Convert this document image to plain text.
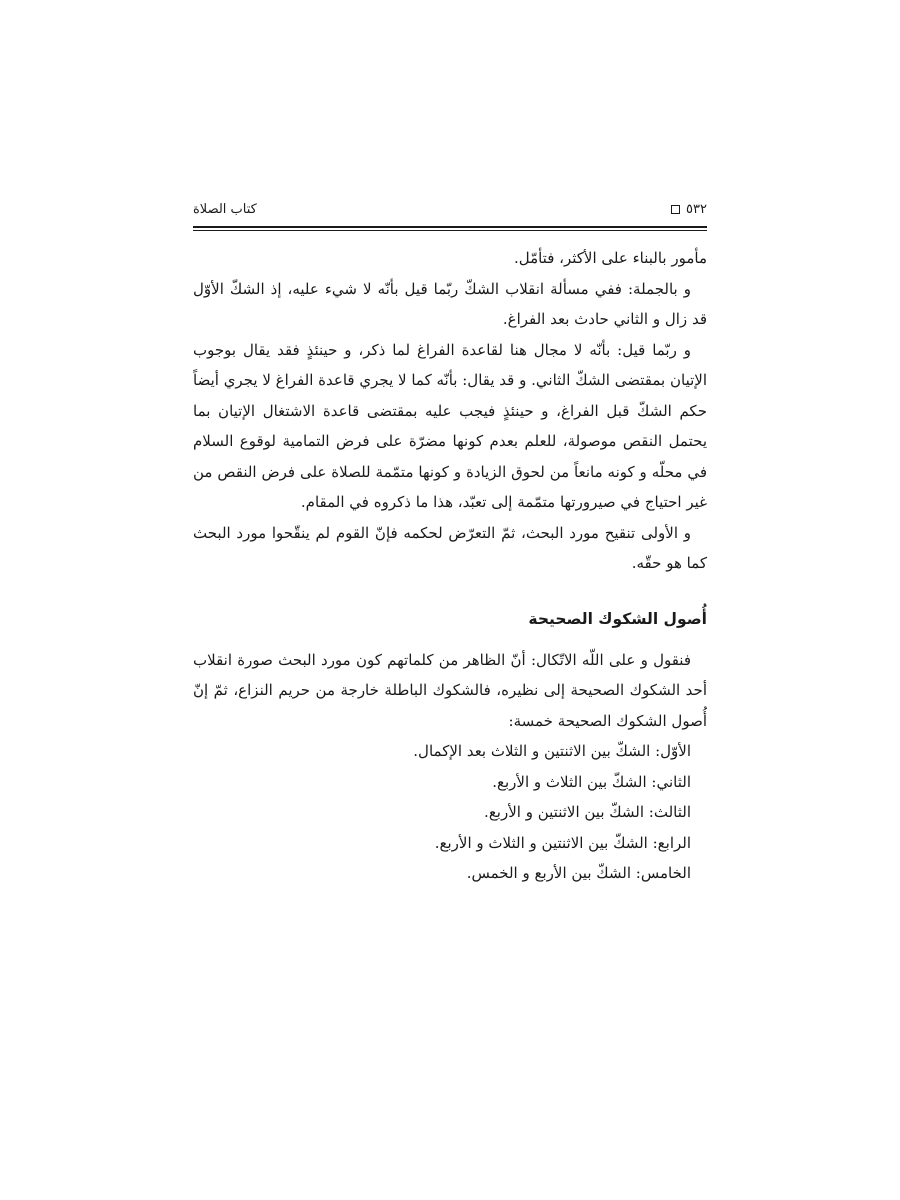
٥٣٢
كتاب الصلاة

مأمور بالبناء على الأكثر، فتأمّل.

و بالجملة: ففي مسألة انقلاب الشكّ ربّما قيل بأنّه لا شيء عليه، إذ الشكّ الأوّل قد زال و الثاني حادث بعد الفراغ.

و ربّما قيل: بأنّه لا مجال هنا لقاعدة الفراغ لما ذكر، و حينئذٍ فقد يقال بوجوب الإتيان بمقتضى الشكّ الثاني. و قد يقال: بأنّه كما لا يجري قاعدة الفراغ لا يجري أيضاً حكم الشكّ قبل الفراغ، و حينئذٍ فيجب عليه بمقتضى قاعدة الاشتغال الإتيان بما يحتمل النقص موصولة، للعلم بعدم كونها مضرّة على فرض التمامية لوقوع السلام في محلّه و كونه مانعاً من لحوق الزيادة و كونها متمّمة للصلاة على فرض النقص من غير احتياج في صيرورتها متمّمة إلى تعبّد، هذا ما ذكروه في المقام.

و الأولى تنقيح مورد البحث، ثمّ التعرّض لحكمه فإنّ القوم لم ينقّحوا مورد البحث كما هو حقّه.

أُصول الشكوك الصحيحة

فنقول و على اللّه الاتّكال: أنّ الظاهر من كلماتهم كون مورد البحث صورة انقلاب أحد الشكوك الصحيحة إلى نظيره، فالشكوك الباطلة خارجة من حريم النزاع، ثمّ إنّ أُصول الشكوك الصحيحة خمسة:

الأوّل: الشكّ بين الاثنتين و الثلاث بعد الإكمال.
الثاني: الشكّ بين الثلاث و الأربع.
الثالث: الشكّ بين الاثنتين و الأربع.
الرابع: الشكّ بين الاثنتين و الثلاث و الأربع.
الخامس: الشكّ بين الأربع و الخمس.
